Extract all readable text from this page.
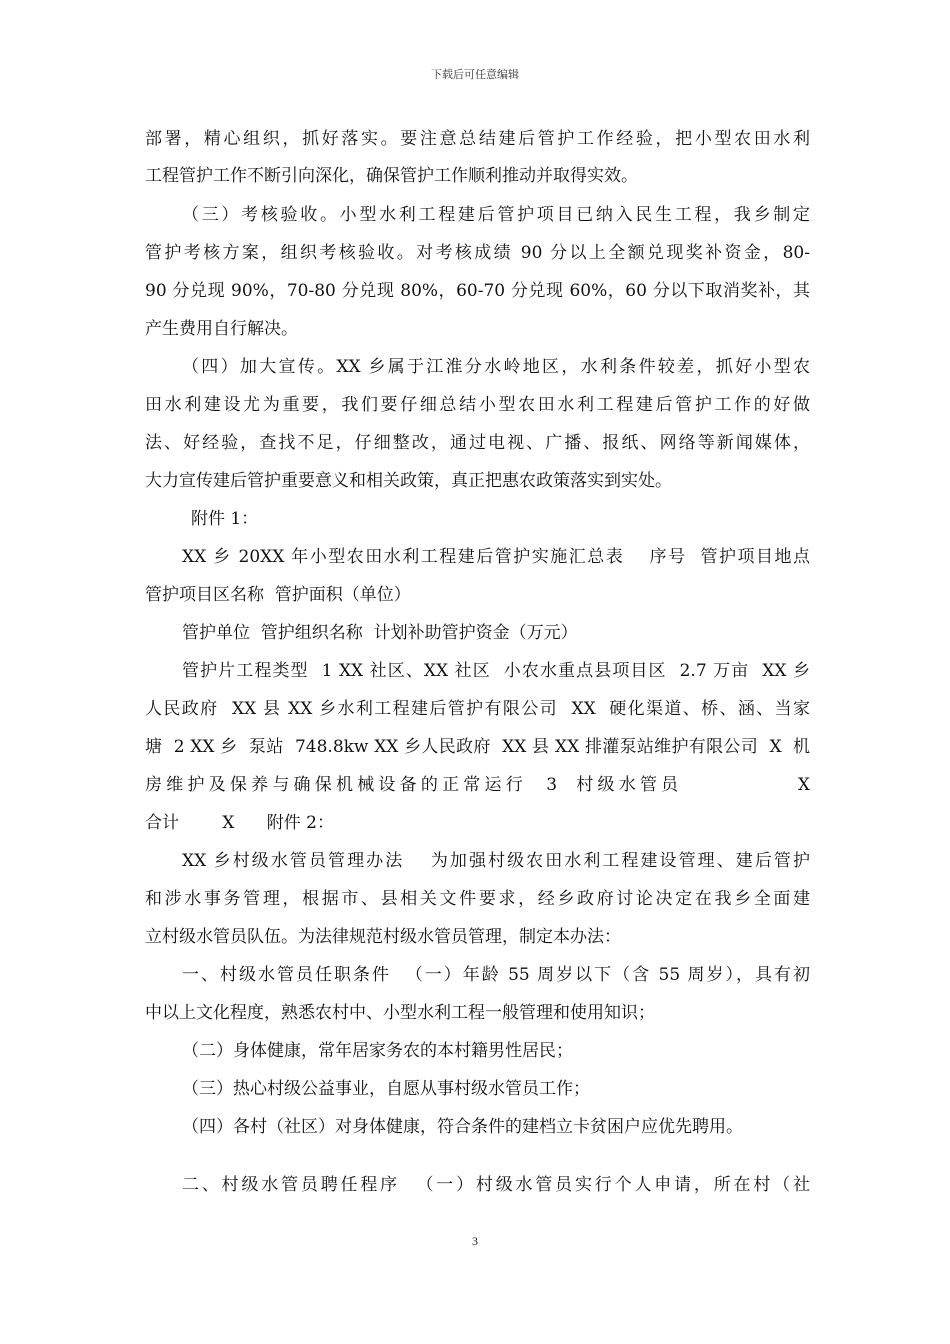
下载后可任意编辑
部署，精心组织，抓好落实。要注意总结建后管护工作经验，把小型农田水利
工程管护工作不断引向深化，确保管护工作顺利推动并取得实效。
（三）考核验收。小型水利工程建后管护项目已纳入民生工程，我乡制定
管护考核方案，组织考核验收。对考核成绩 90 分以上全额兑现奖补资金，80-
90 分兑现 90%，70-80 分兑现 80%，60-70 分兑现 60%，60 分以下取消奖补，其
产生费用自行解决。
（四）加大宣传。XX 乡属于江淮分水岭地区，水利条件较差，抓好小型农
田水利建设尤为重要，我们要仔细总结小型农田水利工程建后管护工作的好做
法、好经验，查找不足，仔细整改，通过电视、广播、报纸、网络等新闻媒体，
大力宣传建后管护重要意义和相关政策，真正把惠农政策落实到实处。
附件 1：
XX 乡 20XX 年小型农田水利工程建后管护实施汇总表　 序号  管护项目地点
管护项目区名称  管护面积（单位）
管护单位  管护组织名称  计划补助管护资金（万元）
管护片工程类型  1 XX 社区、XX 社区  小农水重点县项目区  2.7 万亩  XX 乡
人民政府  XX 县 XX 乡水利工程建后管护有限公司  XX  硬化渠道、桥、涵、当家
塘  2 XX 乡  泵站  748.8kw XX 乡人民政府  XX 县 XX 排灌泵站维护有限公司  X  机
房维护及保养与确保机械设备的正常运行  3  村级水管员            X
合计        X      附件 2：
XX 乡村级水管员管理办法　 为加强村级农田水利工程建设管理、建后管护
和涉水事务管理，根据市、县相关文件要求，经乡政府讨论决定在我乡全面建
立村级水管员队伍。为法律规范村级水管员管理，制定本办法：
一、村级水管员任职条件  （一）年龄 55 周岁以下（含 55 周岁），具有初
中以上文化程度，熟悉农村中、小型水利工程一般管理和使用知识；
（二）身体健康，常年居家务农的本村籍男性居民；
（三）热心村级公益事业，自愿从事村级水管员工作；
（四）各村（社区）对身体健康，符合条件的建档立卡贫困户应优先聘用。
二、村级水管员聘任程序  （一）村级水管员实行个人申请，所在村（社
3
